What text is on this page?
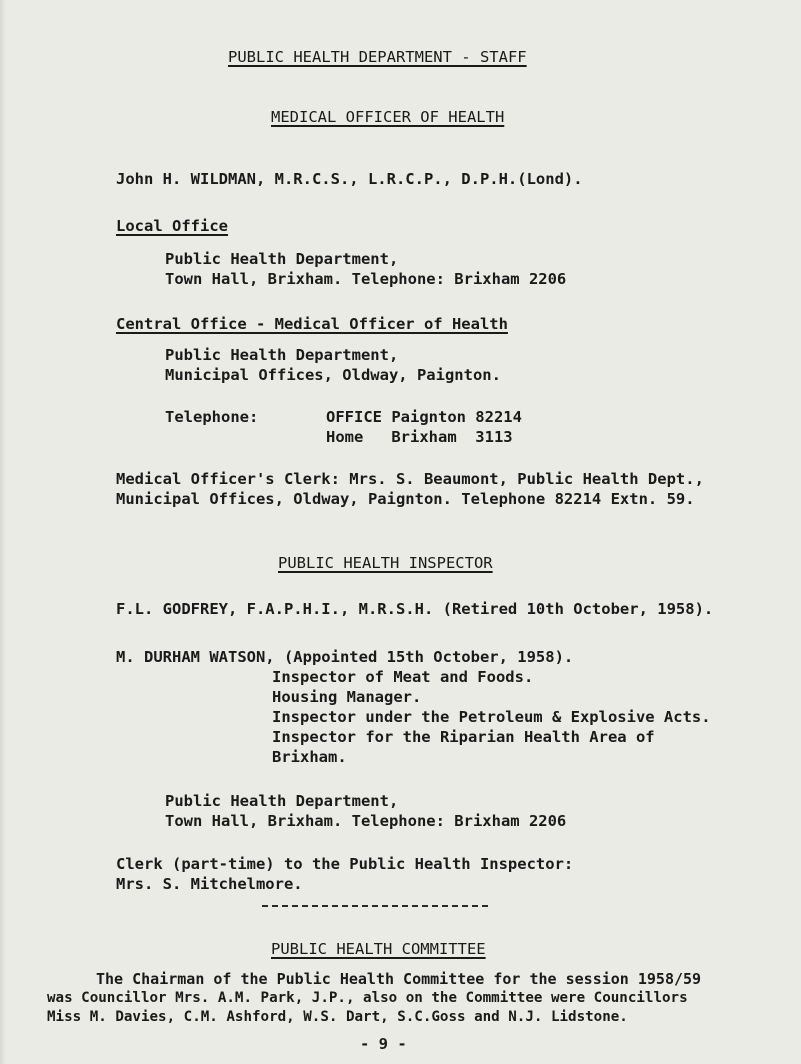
PUBLIC HEALTH DEPARTMENT - STAFF
MEDICAL OFFICER OF HEALTH
John H. WILDMAN, M.R.C.S., L.R.C.P., D.P.H.(Lond).
Local Office
Public Health Department,
Town Hall, Brixham. Telephone: Brixham 2206
Central Office - Medical Officer of Health
Public Health Department,
Municipal Offices, Oldway, Paignton.
Telephone:	OFFICE Paignton 82214
Home   Brixham  3113
Medical Officer's Clerk: Mrs. S. Beaumont, Public Health Dept.,
Municipal Offices, Oldway, Paignton. Telephone 82214 Extn. 59.
PUBLIC HEALTH INSPECTOR
F.L. GODFREY, F.A.P.H.I., M.R.S.H. (Retired 10th October, 1958).
M. DURHAM WATSON, (Appointed 15th October, 1958).
Inspector of Meat and Foods.
Housing Manager.
Inspector under the Petroleum & Explosive Acts.
Inspector for the Riparian Health Area of
Brixham.
Public Health Department,
Town Hall, Brixham. Telephone: Brixham 2206
Clerk (part-time) to the Public Health Inspector:
Mrs. S. Mitchelmore.
PUBLIC HEALTH COMMITTEE
The Chairman of the Public Health Committee for the session 1958/59
was Councillor Mrs. A.M. Park, J.P., also on the Committee were Councillors
Miss M. Davies, C.M. Ashford, W.S. Dart, S.C.Goss and N.J. Lidstone.
- 9 -
